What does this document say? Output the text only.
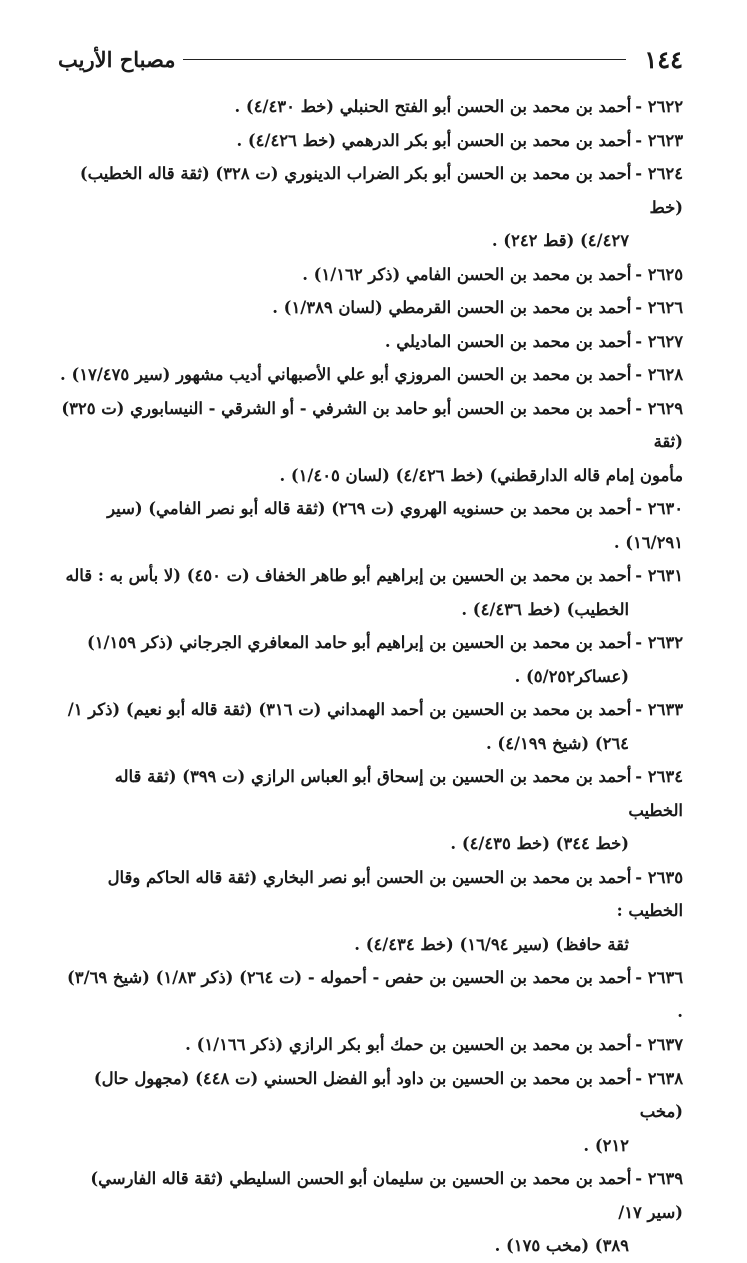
١٤٤
مصباح الأريب
٢٦٢٢ -أحمد بن محمد بن الحسن أبو الفتح الحنبلي (خط ٤/٤٣٠) .
٢٦٢٣ -أحمد بن محمد بن الحسن أبو بكر الدرهمي (خط ٤/٤٢٦) .
٢٦٢٤ -أحمد بن محمد بن الحسن أبو بكر الضراب الدينوري (ت ٣٢٨) (ثقة قاله الخطيب) (خط
٤/٤٢٧) (قط ٢٤٢) .
٢٦٢٥ -أحمد بن محمد بن الحسن الفامي (ذكر ١/١٦٢) .
٢٦٢٦ -أحمد بن محمد بن الحسن القرمطي (لسان ١/٣٨٩) .
٢٦٢٧ -أحمد بن محمد بن الحسن الماديلي .
٢٦٢٨ -أحمد بن محمد بن الحسن المروزي أبو علي الأصبهاني أديب مشهور (سير ١٧/٤٧٥) .
٢٦٢٩ -أحمد بن محمد بن الحسن أبو حامد بن الشرفي - أو الشرقي - النيسابوري (ت ٣٢٥) (ثقة
مأمون إمام قاله الدارقطني) (خط ٤/٤٢٦) (لسان ١/٤٠٥) .
٢٦٣٠ -أحمد بن محمد بن حسنويه الهروي (ت ٢٦٩) (ثقة قاله أبو نصر الفامي) (سير ١٦/٢٩١) .
٢٦٣١ -أحمد بن محمد بن الحسين بن إبراهيم أبو طاهر الخفاف (ت ٤٥٠) (لا بأس به : قاله
الخطيب) (خط ٤/٤٣٦) .
٢٦٣٢ -أحمد بن محمد بن الحسين بن إبراهيم أبو حامد المعافري الجرجاني (ذكر ١/١٥٩)
(عساكر٥/٢٥٢) .
٢٦٣٣ -أحمد بن محمد بن الحسين بن أحمد الهمداني (ت ٣١٦) (ثقة قاله أبو نعيم) (ذكر ١/
٢٦٤) (شيخ ٤/١٩٩) .
٢٦٣٤ -أحمد بن محمد بن الحسين بن إسحاق أبو العباس الرازي (ت ٣٩٩) (ثقة قاله الخطيب
(خط ٣٤٤) (خط ٤/٤٣٥) .
٢٦٣٥ -أحمد بن محمد بن الحسين بن الحسن أبو نصر البخاري (ثقة قاله الحاكم وقال الخطيب :
ثقة حافظ) (سير ١٦/٩٤) (خط ٤/٤٣٤) .
٢٦٣٦ -أحمد بن محمد بن الحسين بن حفص - أحموله - (ت ٢٦٤) (ذكر ١/٨٣) (شيخ ٣/٦٩) .
٢٦٣٧ -أحمد بن محمد بن الحسين بن حمك أبو بكر الرازي (ذكر ١/١٦٦) .
٢٦٣٨ -أحمد بن محمد بن الحسين بن داود أبو الفضل الحسني (ت ٤٤٨) (مجهول حال) (مخب
٢١٢) .
٢٦٣٩ -أحمد بن محمد بن الحسين بن سليمان أبو الحسن السليطي (ثقة قاله الفارسي) (سير ١٧/
٣٨٩) (مخب ١٧٥) .
